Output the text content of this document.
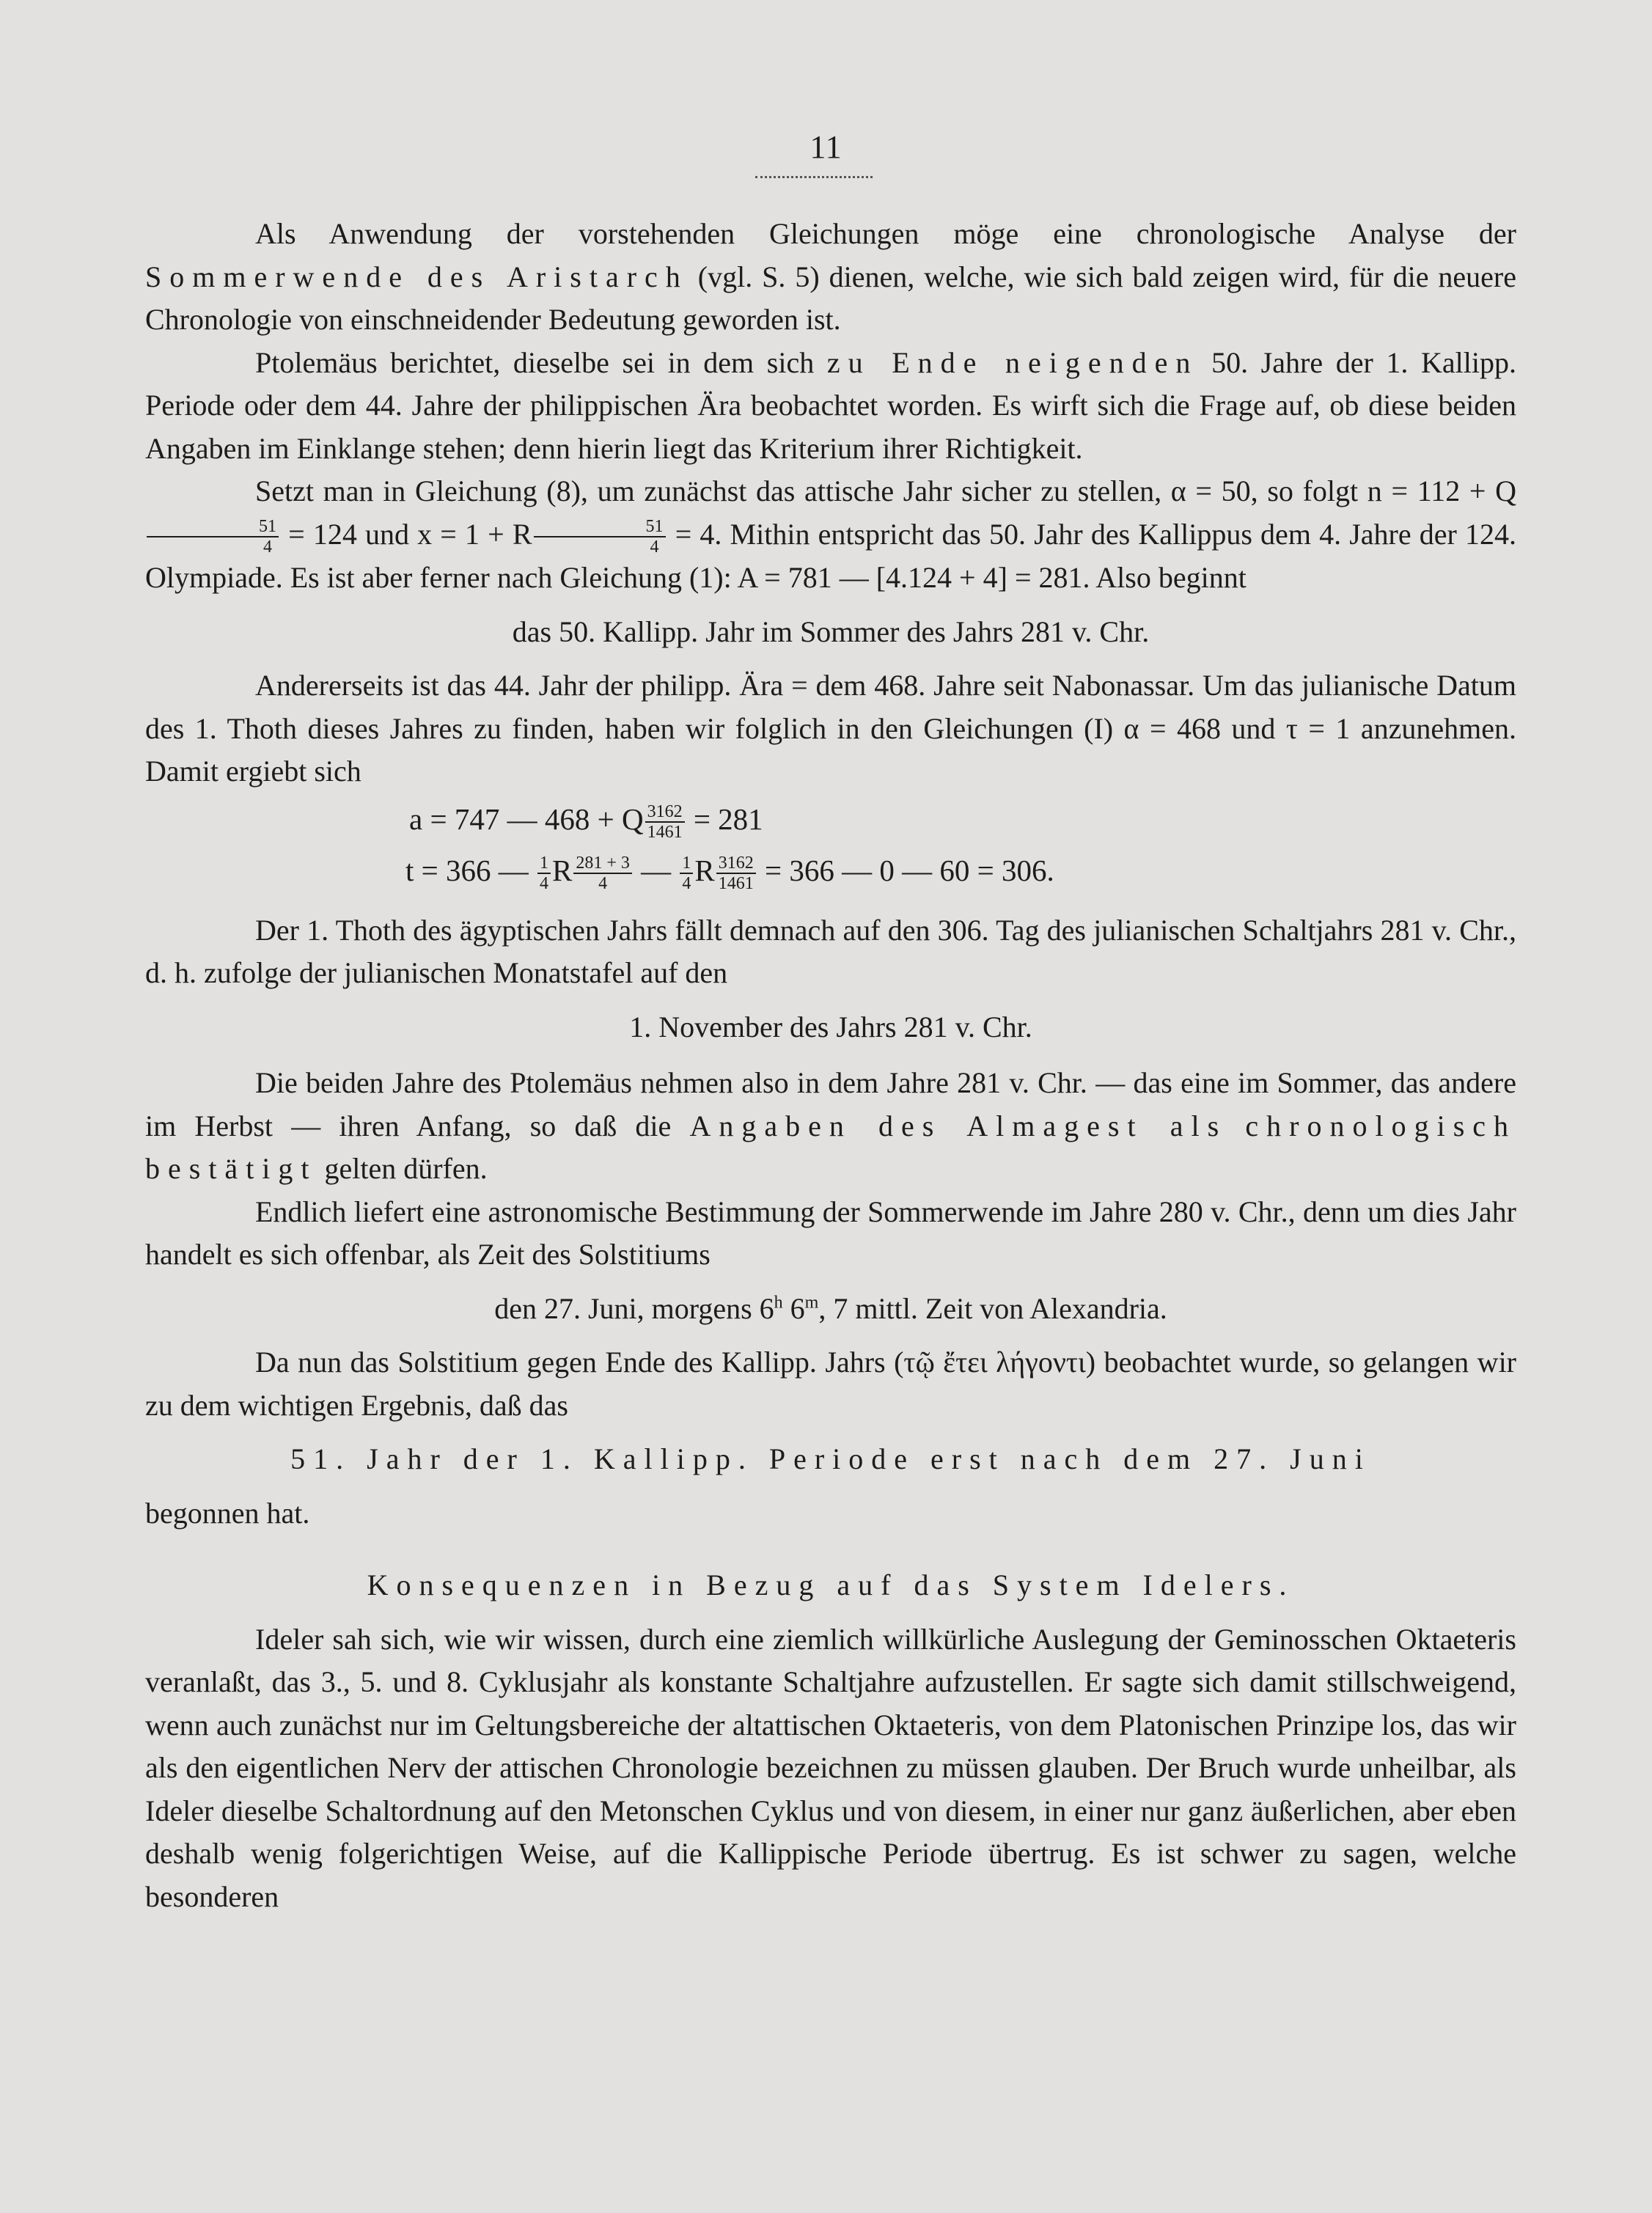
11

Als Anwendung der vorstehenden Gleichungen möge eine chronologische Analyse der Sommerwende des Aristarch (vgl. S. 5) dienen, welche, wie sich bald zeigen wird, für die neuere Chronologie von einschneidender Bedeutung geworden ist.

Ptolemäus berichtet, dieselbe sei in dem sich zu Ende neigenden 50. Jahre der 1. Kallipp. Periode oder dem 44. Jahre der philippischen Ära beobachtet worden. Es wirft sich die Frage auf, ob diese beiden Angaben im Einklange stehen; denn hierin liegt das Kriterium ihrer Richtigkeit.

Setzt man in Gleichung (8), um zunächst das attische Jahr sicher zu stellen, α = 50, so folgt n = 112 + Q
$\frac{51}{4} = 124$ und x = 1 + R $\frac{51}{4} = 4$. Mithin entspricht das 50. Jahr des Kallippus dem 4. Jahre der 124. Olympiade. Es ist aber ferner nach Gleichung (1): A = 781 — [4.124 + 4] = 281. Also beginnt

das 50. Kallipp. Jahr im Sommer des Jahrs 281 v. Chr.

Andererseits ist das 44. Jahr der philipp. Ära = dem 468. Jahre seit Nabonassar. Um das julianische Datum des 1. Thoth dieses Jahres zu finden, haben wir folglich in den Gleichungen (I) α = 468 und τ = 1 anzunehmen. Damit ergiebt sich

a = 747 — 468 + Q $\frac{3162}{1461} = 281$
t = 366 — $\frac{1}{4}$ R $\frac{281 + 3}{4}$ — $\frac{1}{4}$ R $\frac{3162}{1461} = 366$ — 0 — 60 = 306.

Der 1. Thoth des ägyptischen Jahrs fällt demnach auf den 306. Tag des julianischen Schaltjahrs 281 v. Chr., d. h. zufolge der julianischen Monatstafel auf den

1. November des Jahrs 281 v. Chr.

Die beiden Jahre des Ptolemäus nehmen also in dem Jahre 281 v. Chr. — das eine im Sommer, das andere im Herbst — ihren Anfang, so daß die Angaben des Almagest als chronologisch bestätigt gelten dürfen.

Endlich liefert eine astronomische Bestimmung der Sommerwende im Jahre 280 v. Chr., denn um dies Jahr handelt es sich offenbar, als Zeit des Solstitiums

den 27. Juni, morgens 6$^h$ 6$^m$, 7 mittl. Zeit von Alexandria.

Da nun das Solstitium gegen Ende des Kallipp. Jahrs (τῷ ἔτει λήγοντι) beobachtet wurde, so gelangen wir zu dem wichtigen Ergebnis, daß das

51. Jahr der 1. Kallipp. Periode erst nach dem 27. Juni

begonnen hat.

Konsequenzen in Bezug auf das System Idelers.

Ideler sah sich, wie wir wissen, durch eine ziemlich willkürliche Auslegung der Geminosschen Oktaeteris veranlaßt, das 3., 5. und 8. Cyklusjahr als konstante Schaltjahre aufzustellen. Er sagte sich damit stillschweigend, wenn auch zunächst nur im Geltungsbereiche der altattischen Oktaeteris, von dem Platonischen Prinzipe los, das wir als den eigentlichen Nerv der attischen Chronologie bezeichnen zu müssen glauben. Der Bruch wurde unheilbar, als Ideler dieselbe Schaltordnung auf den Metonschen Cyklus und von diesem, in einer nur ganz äußerlichen, aber eben deshalb wenig folgerichtigen Weise, auf die Kallippische Periode übertrug. Es ist schwer zu sagen, welche besonderen
